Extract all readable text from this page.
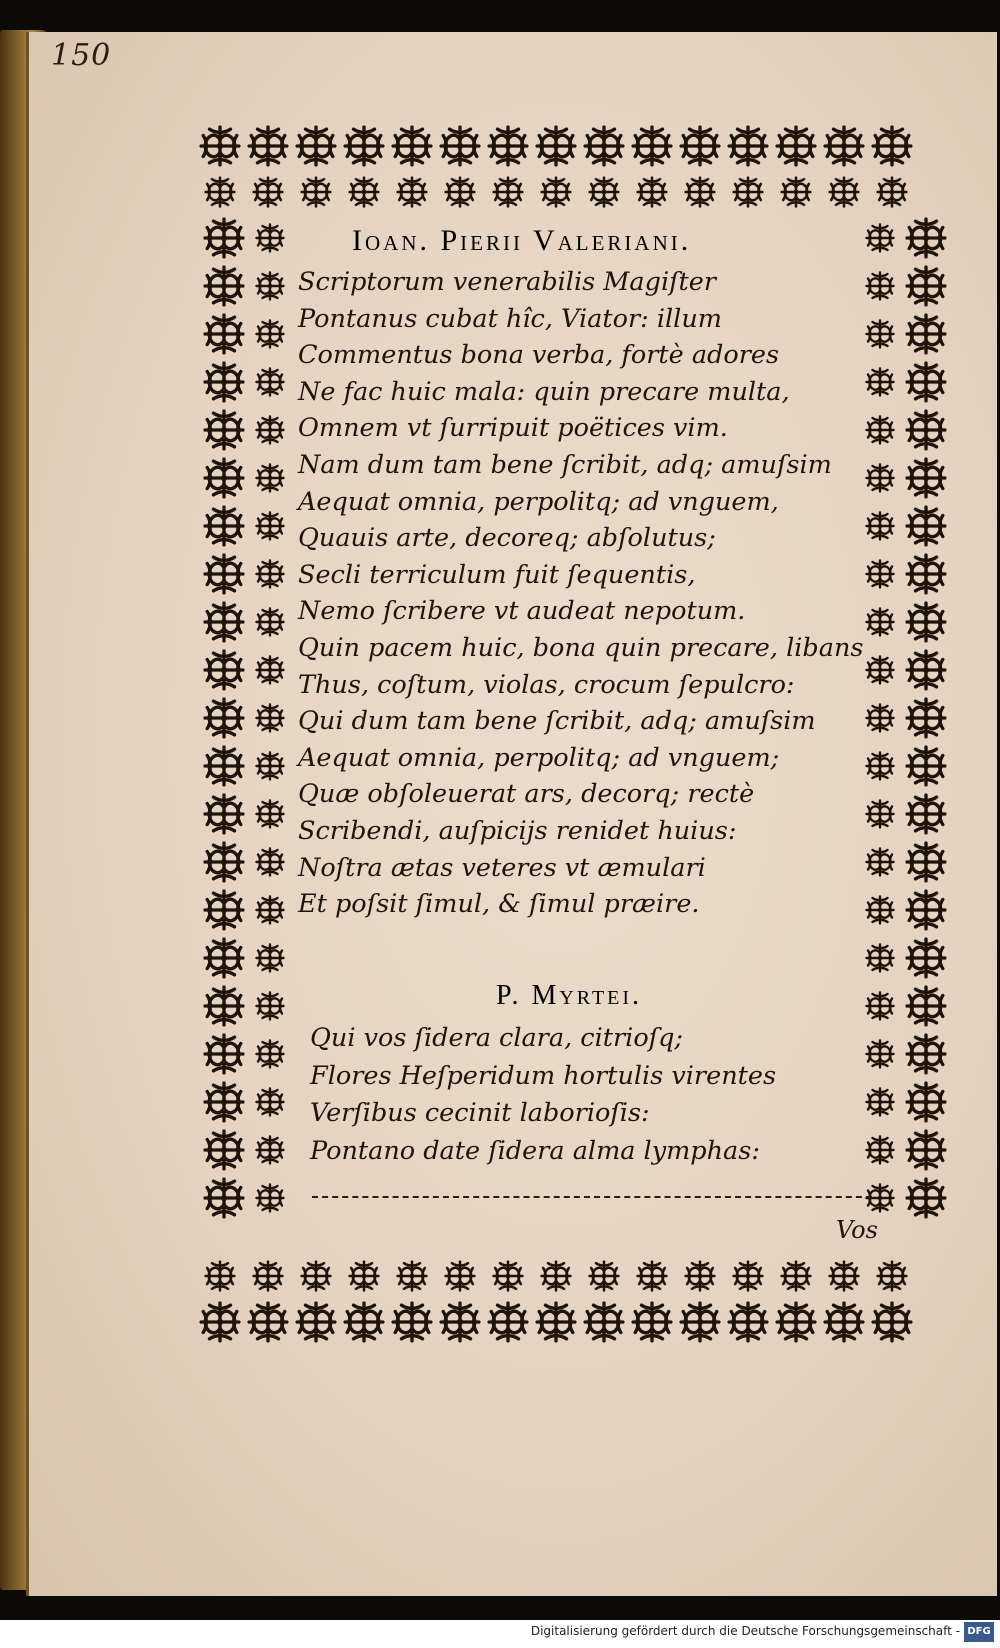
150
Ioan. Pierii Valeriani.
Scriptorum venerabilis Magiſter
Pontanus cubat hîc, Viator: illum
Commentus bona verba, fortè adores
Ne fac huic mala: quin precare multa,
Omnem vt ſurripuit poëtices vim.
Nam dum tam bene ſcribit, adq; amuſsim
Aequat omnia, perpolitq; ad vnguem,
Quauis arte, decoreq; abſolutus;
Secli terriculum fuit ſequentis,
Nemo ſcribere vt audeat nepotum.
Quin pacem huic, bona quin precare, libans
Thus, coſtum, violas, crocum ſepulcro:
Qui dum tam bene ſcribit, adq; amuſsim
Aequat omnia, perpolitq; ad vnguem;
Quæ obſoleuerat ars, decorq; rectè
Scribendi, auſpicijs renidet huius:
Noſtra ætas veteres vt æmulari
Et poſsit ſimul, & ſimul præire.
P. Myrtei.
Qui vos ſidera clara, citrioſq;
Flores Heſperidum hortulis virentes
Verſibus cecinit laborioſis:
Pontano date ſidera alma lymphas:
Vos
Digitalisierung gefördert durch die Deutsche Forschungsgemeinschaft - DFG
